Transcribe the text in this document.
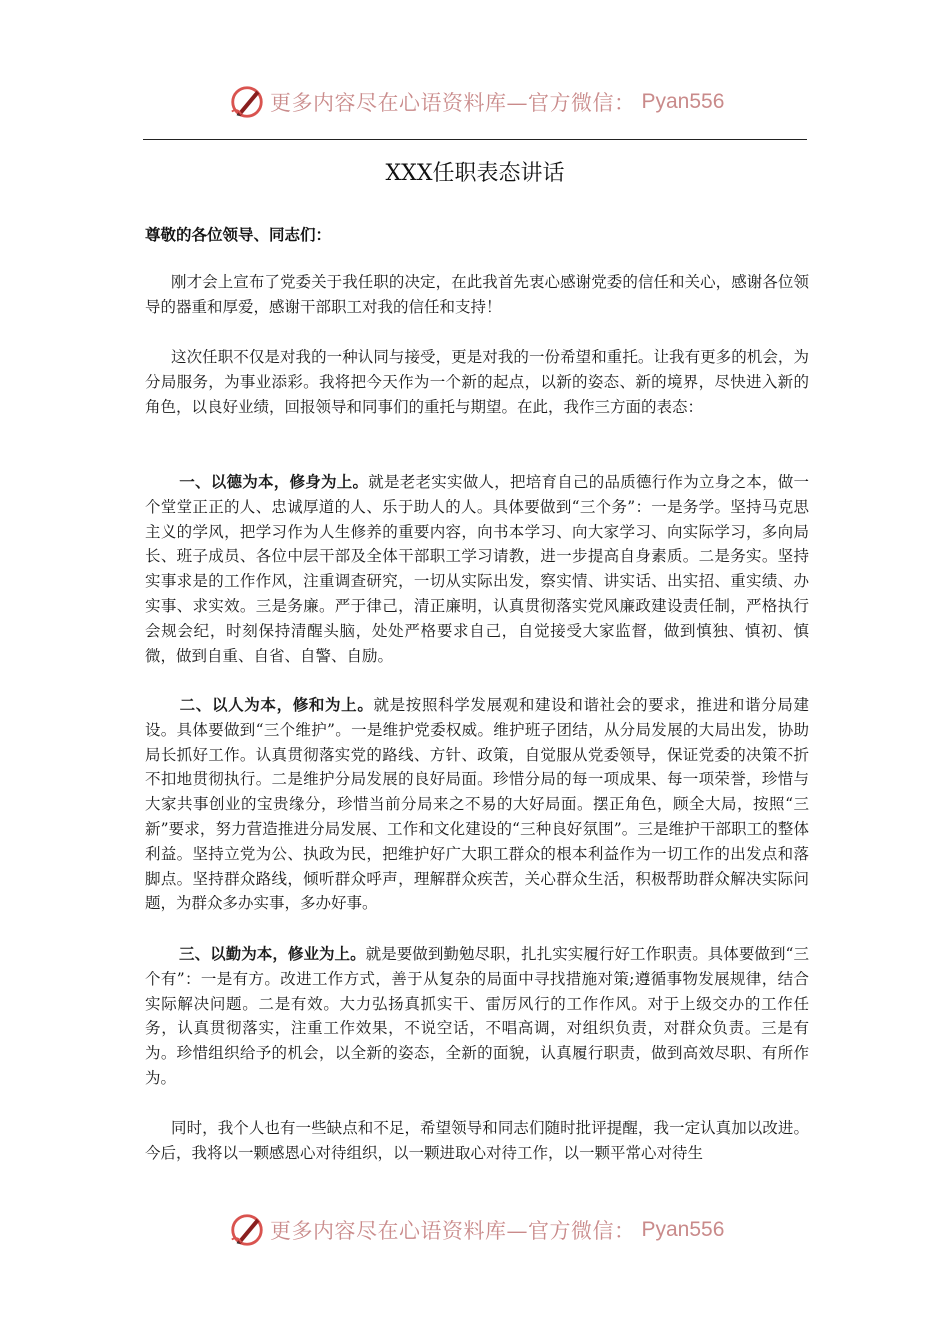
更多内容尽在心语资料库—官方微信： Pyan556
XXX任职表态讲话
尊敬的各位领导、同志们：

刚才会上宣布了党委关于我任职的决定，在此我首先衷心感谢党委的信任和关心，感谢各位领导的器重和厚爱，感谢干部职工对我的信任和支持！

这次任职不仅是对我的一种认同与接受，更是对我的一份希望和重托。让我有更多的机会，为分局服务，为事业添彩。我将把今天作为一个新的起点，以新的姿态、新的境界，尽快进入新的角色，以良好业绩，回报领导和同事们的重托与期望。在此，我作三方面的表态：

一、以德为本，修身为上。就是老老实实做人，把培育自己的品质德行作为立身之本，做一个堂堂正正的人、忠诚厚道的人、乐于助人的人。具体要做到“三个务”：一是务学。坚持马克思主义的学风，把学习作为人生修养的重要内容，向书本学习、向大家学习、向实际学习，多向局长、班子成员、各位中层干部及全体干部职工学习请教，进一步提高自身素质。二是务实。坚持实事求是的工作作风，注重调查研究，一切从实际出发，察实情、讲实话、出实招、重实绩、办实事、求实效。三是务廉。严于律己，清正廉明，认真贯彻落实党风廉政建设责任制，严格执行会规会纪，时刻保持清醒头脑，处处严格要求自己，自觉接受大家监督，做到慎独、慎初、慎微，做到自重、自省、自警、自励。

二、以人为本，修和为上。就是按照科学发展观和建设和谐社会的要求，推进和谐分局建设。具体要做到“三个维护”。一是维护党委权威。维护班子团结，从分局发展的大局出发，协助局长抓好工作。认真贯彻落实党的路线、方针、政策，自觉服从党委领导，保证党委的决策不折不扣地贯彻执行。二是维护分局发展的良好局面。珍惜分局的每一项成果、每一项荣誉，珍惜与大家共事创业的宝贵缘分，珍惜当前分局来之不易的大好局面。摆正角色，顾全大局，按照“三新”要求，努力营造推进分局发展、工作和文化建设的“三种良好氛围”。三是维护干部职工的整体利益。坚持立党为公、执政为民，把维护好广大职工群众的根本利益作为一切工作的出发点和落脚点。坚持群众路线，倾听群众呼声，理解群众疾苦，关心群众生活，积极帮助群众解决实际问题，为群众多办实事，多办好事。

三、以勤为本，修业为上。就是要做到勤勉尽职，扎扎实实履行好工作职责。具体要做到“三个有”：一是有方。改进工作方式，善于从复杂的局面中寻找措施对策;遵循事物发展规律，结合实际解决问题。二是有效。大力弘扬真抓实干、雷厉风行的工作作风。对于上级交办的工作任务，认真贯彻落实，注重工作效果，不说空话，不唱高调，对组织负责，对群众负责。三是有为。珍惜组织给予的机会，以全新的姿态，全新的面貌，认真履行职责，做到高效尽职、有所作为。

同时，我个人也有一些缺点和不足，希望领导和同志们随时批评提醒，我一定认真加以改进。今后，我将以一颗感恩心对待组织，以一颗进取心对待工作，以一颗平常心对待生

更多内容尽在心语资料库—官方微信： Pyan556
